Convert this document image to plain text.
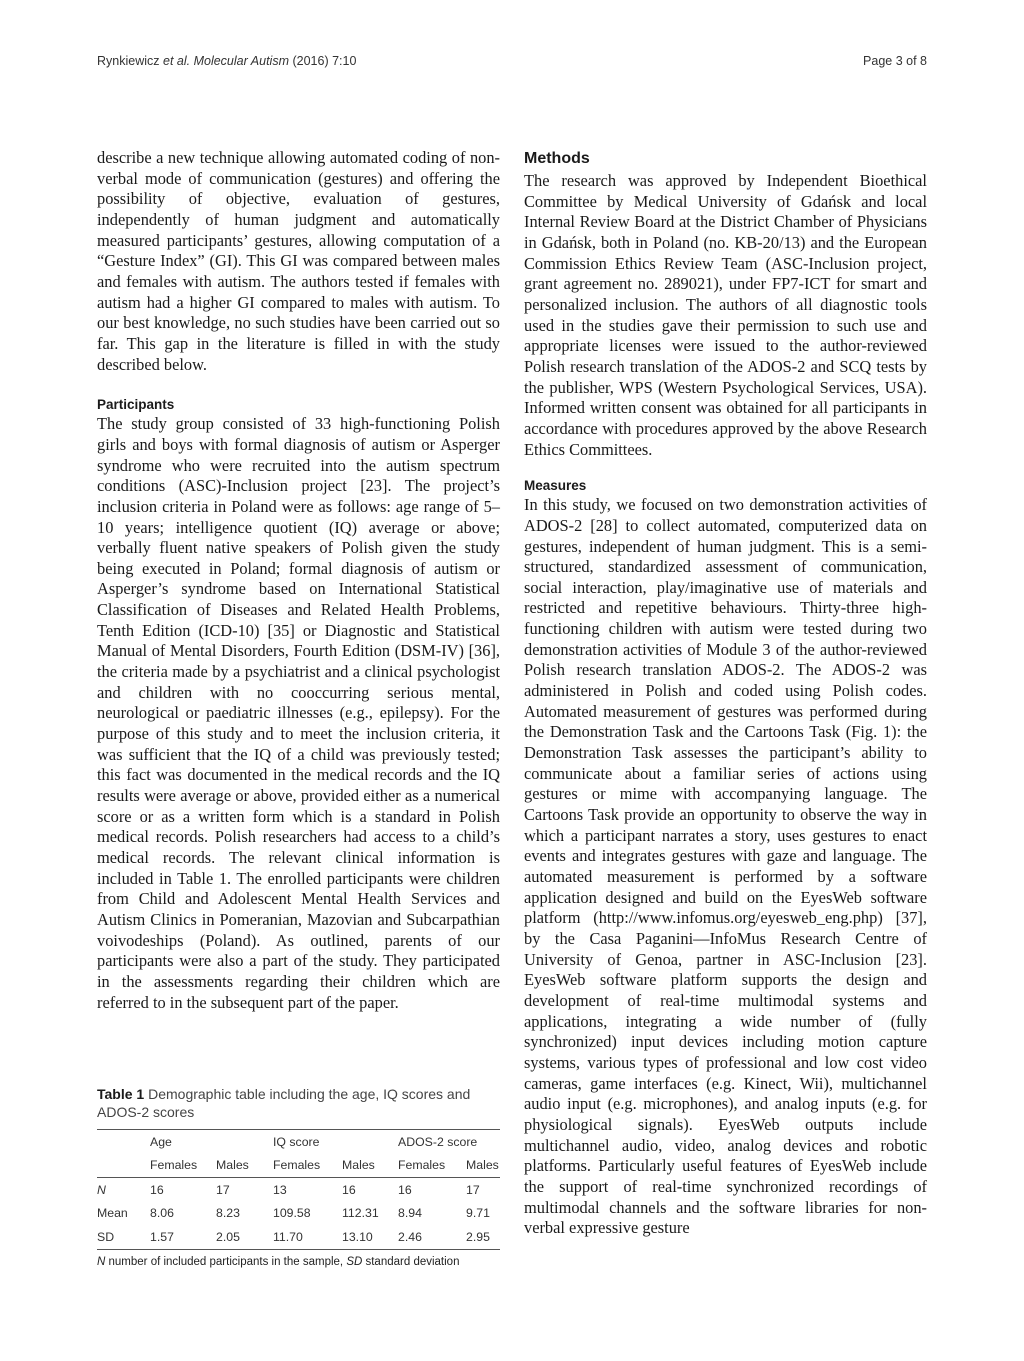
Rynkiewicz et al. Molecular Autism (2016) 7:10	Page 3 of 8

describe a new technique allowing automated coding of non-verbal mode of communication (gestures) and offering the possibility of objective, evaluation of gestures, independently of human judgment and automatically measured participants’ gestures, allowing computation of a “Gesture Index” (GI). This GI was compared between males and females with autism. The authors tested if females with autism had a higher GI compared to males with autism. To our best knowledge, no such studies have been carried out so far. This gap in the literature is filled in with the study described below.

Participants

The study group consisted of 33 high-functioning Polish girls and boys with formal diagnosis of autism or Asperger syndrome who were recruited into the autism spectrum conditions (ASC)-Inclusion project [23]. The project’s inclusion criteria in Poland were as follows: age range of 5–10 years; intelligence quotient (IQ) average or above; verbally fluent native speakers of Polish given the study being executed in Poland; formal diagnosis of autism or Asperger’s syndrome based on International Statistical Classification of Diseases and Related Health Problems, Tenth Edition (ICD-10) [35] or Diagnostic and Statistical Manual of Mental Disorders, Fourth Edition (DSM-IV) [36], the criteria made by a psychiatrist and a clinical psychologist and children with no cooccurring serious mental, neurological or paediatric illnesses (e.g., epilepsy). For the purpose of this study and to meet the inclusion criteria, it was sufficient that the IQ of a child was previously tested; this fact was documented in the medical records and the IQ results were average or above, provided either as a numerical score or as a written form which is a standard in Polish medical records. Polish researchers had access to a child’s medical records. The relevant clinical information is included in Table 1. The enrolled participants were children from Child and Adolescent Mental Health Services and Autism Clinics in Pomeranian, Mazovian and Subcarpathian voivodeships (Poland). As outlined, parents of our participants were also a part of the study. They participated in the assessments regarding their children which are referred to in the subsequent part of the paper.

Methods

The research was approved by Independent Bioethical Committee by Medical University of Gdańsk and local Internal Review Board at the District Chamber of Physicians in Gdańsk, both in Poland (no. KB-20/13) and the European Commission Ethics Review Team (ASC-Inclusion project, grant agreement no. 289021), under FP7-ICT for smart and personalized inclusion. The authors of all diagnostic tools used in the studies gave their permission to such use and appropriate licenses were issued to the author-reviewed Polish research translation of the ADOS-2 and SCQ tests by the publisher, WPS (Western Psychological Services, USA). Informed written consent was obtained for all participants in accordance with procedures approved by the above Research Ethics Committees.

Measures

In this study, we focused on two demonstration activities of ADOS-2 [28] to collect automated, computerized data on gestures, independent of human judgment. This is a semi-structured, standardized assessment of communication, social interaction, play/imaginative use of materials and restricted and repetitive behaviours. Thirty-three high-functioning children with autism were tested during two demonstration activities of Module 3 of the author-reviewed Polish research translation ADOS-2. The ADOS-2 was administered in Polish and coded using Polish codes. Automated measurement of gestures was performed during the Demonstration Task and the Cartoons Task (Fig. 1): the Demonstration Task assesses the participant’s ability to communicate about a familiar series of actions using gestures or mime with accompanying language. The Cartoons Task provide an opportunity to observe the way in which a participant narrates a story, uses gestures to enact events and integrates gestures with gaze and language. The automated measurement is performed by a software application designed and build on the EyesWeb software platform (http://www.infomus.org/eyesweb_eng.php) [37], by the Casa Paganini—InfoMus Research Centre of University of Genoa, partner in ASC-Inclusion [23]. EyesWeb software platform supports the design and development of real-time multimodal systems and applications, integrating a wide number of (fully synchronized) input devices including motion capture systems, various types of professional and low cost video cameras, game interfaces (e.g. Kinect, Wii), multichannel audio input (e.g. microphones), and analog inputs (e.g. for physiological signals). EyesWeb outputs include multichannel audio, video, analog devices and robotic platforms. Particularly useful features of EyesWeb include the support of real-time synchronized recordings of multimodal channels and the software libraries for non-verbal expressive gesture

Table 1 Demographic table including the age, IQ scores and ADOS-2 scores
	Age		IQ score		ADOS-2 score	
	Females	Males	Females	Males	Females	Males
N	16	17	13	16	16	17
Mean	8.06	8.23	109.58	112.31	8.94	9.71
SD	1.57	2.05	11.70	13.10	2.46	2.95
N number of included participants in the sample, SD standard deviation
